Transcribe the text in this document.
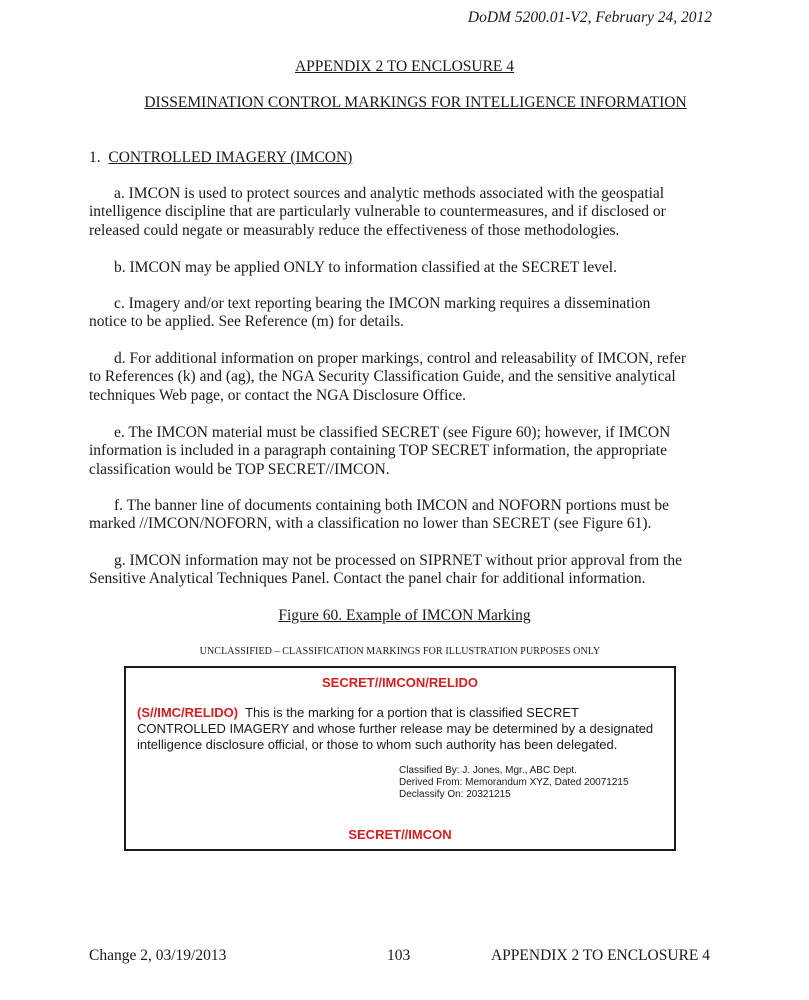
DoDM 5200.01-V2, February 24, 2012
APPENDIX 2 TO ENCLOSURE 4
DISSEMINATION CONTROL MARKINGS FOR INTELLIGENCE INFORMATION
1. CONTROLLED IMAGERY (IMCON)
a. IMCON is used to protect sources and analytic methods associated with the geospatial
intelligence discipline that are particularly vulnerable to countermeasures, and if disclosed or
released could negate or measurably reduce the effectiveness of those methodologies.
b. IMCON may be applied ONLY to information classified at the SECRET level.
c. Imagery and/or text reporting bearing the IMCON marking requires a dissemination
notice to be applied. See Reference (m) for details.
d. For additional information on proper markings, control and releasability of IMCON, refer
to References (k) and (ag), the NGA Security Classification Guide, and the sensitive analytical
techniques Web page, or contact the NGA Disclosure Office.
e. The IMCON material must be classified SECRET (see Figure 60); however, if IMCON
information is included in a paragraph containing TOP SECRET information, the appropriate
classification would be TOP SECRET//IMCON.
f. The banner line of documents containing both IMCON and NOFORN portions must be
marked //IMCON/NOFORN, with a classification no lower than SECRET (see Figure 61).
g. IMCON information may not be processed on SIPRNET without prior approval from the
Sensitive Analytical Techniques Panel. Contact the panel chair for additional information.
Figure 60. Example of IMCON Marking
UNCLASSIFIED – CLASSIFICATION MARKINGS FOR ILLUSTRATION PURPOSES ONLY
SECRET//IMCON/RELIDO
(S//IMC/RELIDO)  This is the marking for a portion that is classified SECRET
CONTROLLED IMAGERY and whose further release may be determined by a designated
intelligence disclosure official, or those to whom such authority has been delegated.
Classified By: J. Jones, Mgr., ABC Dept.
Derived From: Memorandum XYZ, Dated 20071215
Declassify On: 20321215
SECRET//IMCON
Change 2, 03/19/2013	103	APPENDIX 2 TO ENCLOSURE 4
